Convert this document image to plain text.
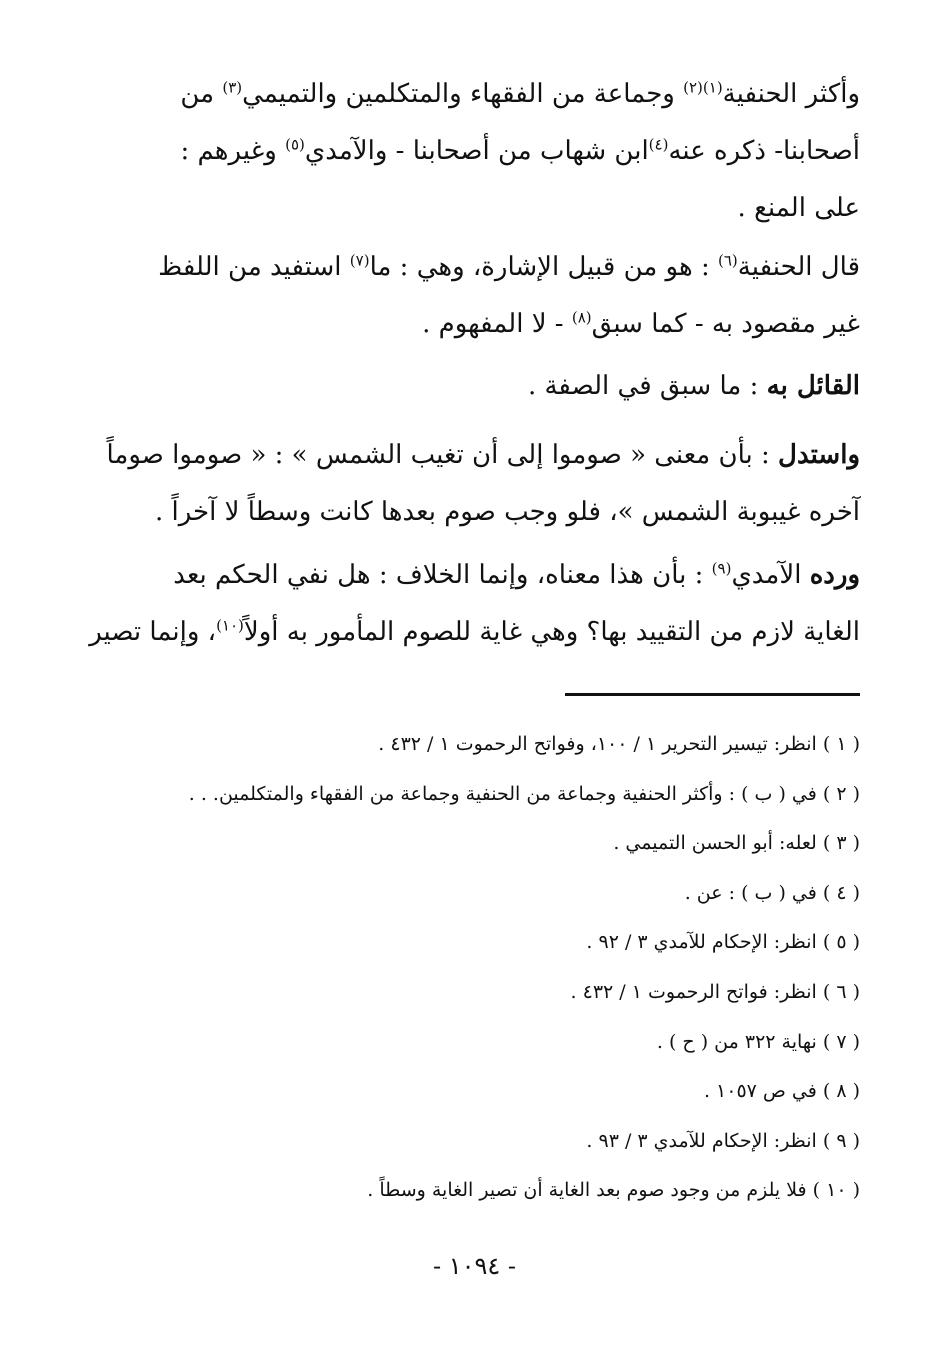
وأكثر الحنفية$^{(١)(٢)}$ وجماعة من الفقهاء والمتكلمين والتميمي$^{(٣)}$ من
أصحابنا- ذكره عنه$^{(٤)}$ابن شهاب من أصحابنا - والآمدي$^{(٥)}$ وغيرهم :
على المنع .
قال الحنفية$^{(٦)}$ : هو من قبيل الإشارة، وهي : ما$^{(٧)}$ استفيد من اللفظ
غير مقصود به - كما سبق$^{(٨)}$ - لا المفهوم .
القائل به : ما سبق في الصفة .
واستدل : بأن معنى « صوموا إلى أن تغيب الشمس » : « صوموا صوماً
آخره غيبوبة الشمس »، فلو وجب صوم بعدها كانت وسطاً لا آخراً .
ورده الآمدي$^{(٩)}$ : بأن هذا معناه، وإنما الخلاف : هل نفي الحكم بعد
الغاية لازم من التقييد بها؟ وهي غاية للصوم المأمور به أولاً$^{(١٠)}$، وإنما تصير
( ١ ) انظر: تيسير التحرير ١ / ١٠٠، وفواتح الرحموت ١ / ٤٣٢ .
( ٢ ) في ( ب ) : وأكثر الحنفية وجماعة من الحنفية وجماعة من الفقهاء والمتكلمين. . .
( ٣ ) لعله: أبو الحسن التميمي .
( ٤ ) في ( ب ) : عن .
( ٥ ) انظر: الإحكام للآمدي ٣ / ٩٢ .
( ٦ ) انظر: فواتح الرحموت ١ / ٤٣٢ .
( ٧ ) نهاية ٣٢٢ من ( ح ) .
( ٨ ) في ص ١٠٥٧ .
( ٩ ) انظر: الإحكام للآمدي ٣ / ٩٣ .
( ١٠ ) فلا يلزم من وجود صوم بعد الغاية أن تصير الغاية وسطاً .
- ١٠٩٤ -
